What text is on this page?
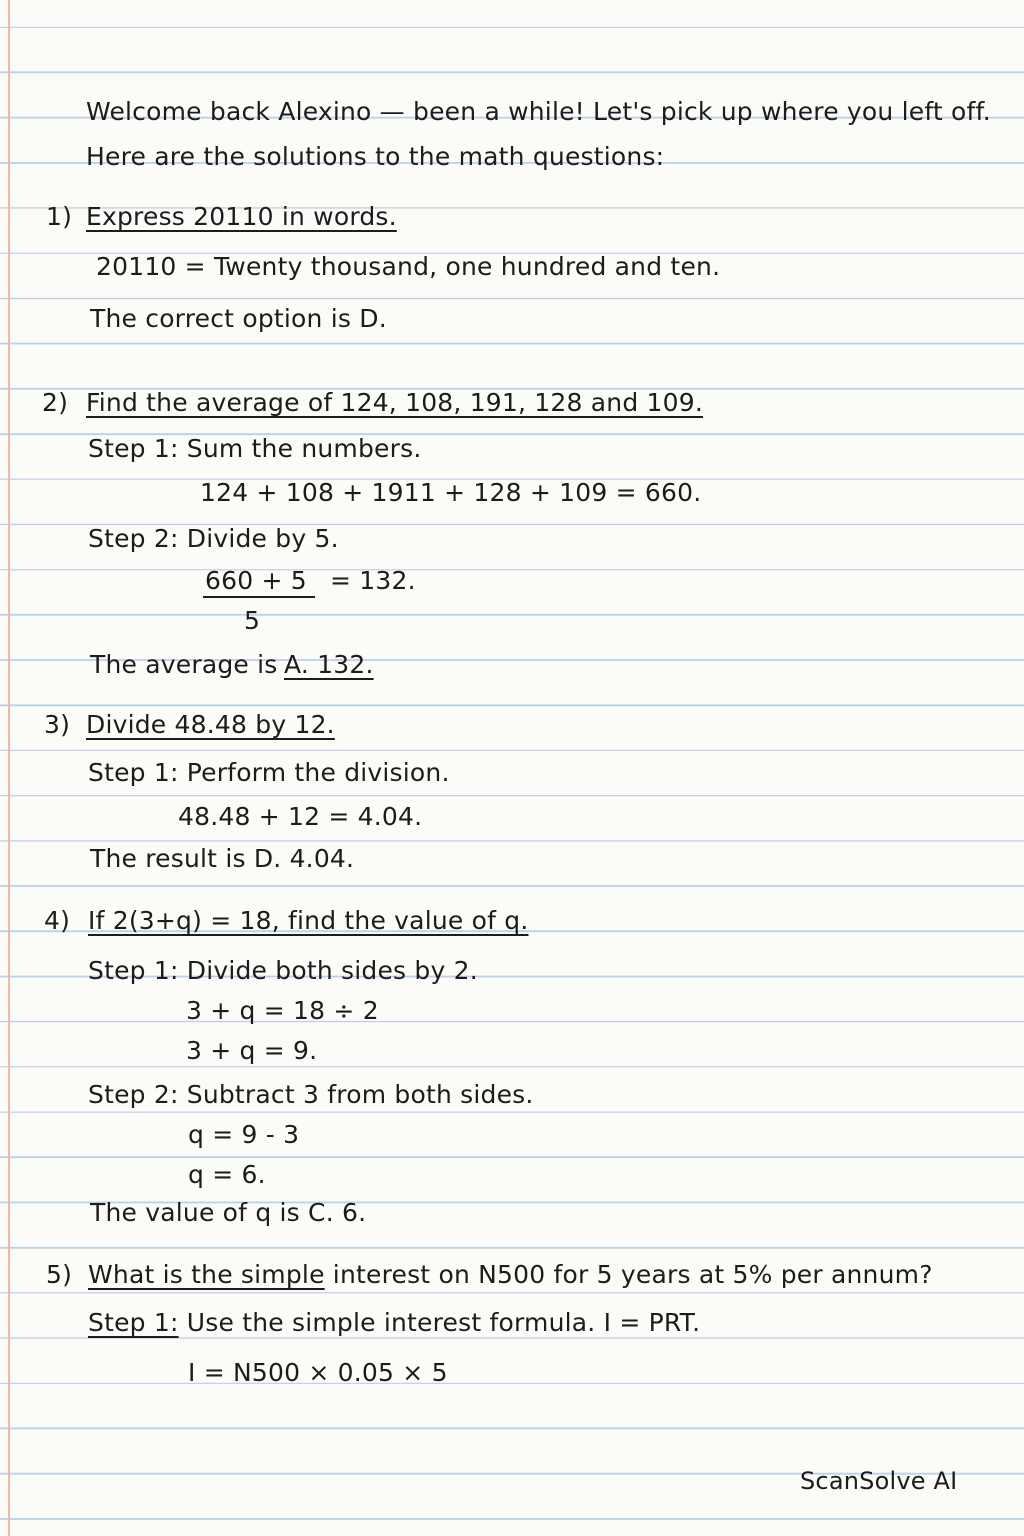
Welcome back Alexino — been a while! Let's pick up where you left off.
Here are the solutions to the math questions:
1) Express 20110 in words.
20110 = Twenty thousand, one hundred and ten.
The correct option is D.
2) Find the average of 124, 108, 191, 128 and 109.
Step 1: Sum the numbers.
124 + 108 + 1911 + 128 + 109 = 660.
Step 2: Divide by 5.
660 + 5 = 132.
5
The average is A. 132.
3) Divide 48.48 by 12.
Step 1: Perform the division.
48.48 + 12 = 4.04.
The result is D. 4.04.
4) If 2(3+q) = 18, find the value of q.
Step 1: Divide both sides by 2.
3 + q = 18 ÷ 2
3 + q = 9.
Step 2: Subtract 3 from both sides.
q = 9 - 3
q = 6.
The value of q is C. 6.
5) What is the simple interest on N500 for 5 years at 5% per annum?
Step 1: Use the simple interest formula. I = PRT.
I = N500 × 0.05 × 5
ScanSolve AI
